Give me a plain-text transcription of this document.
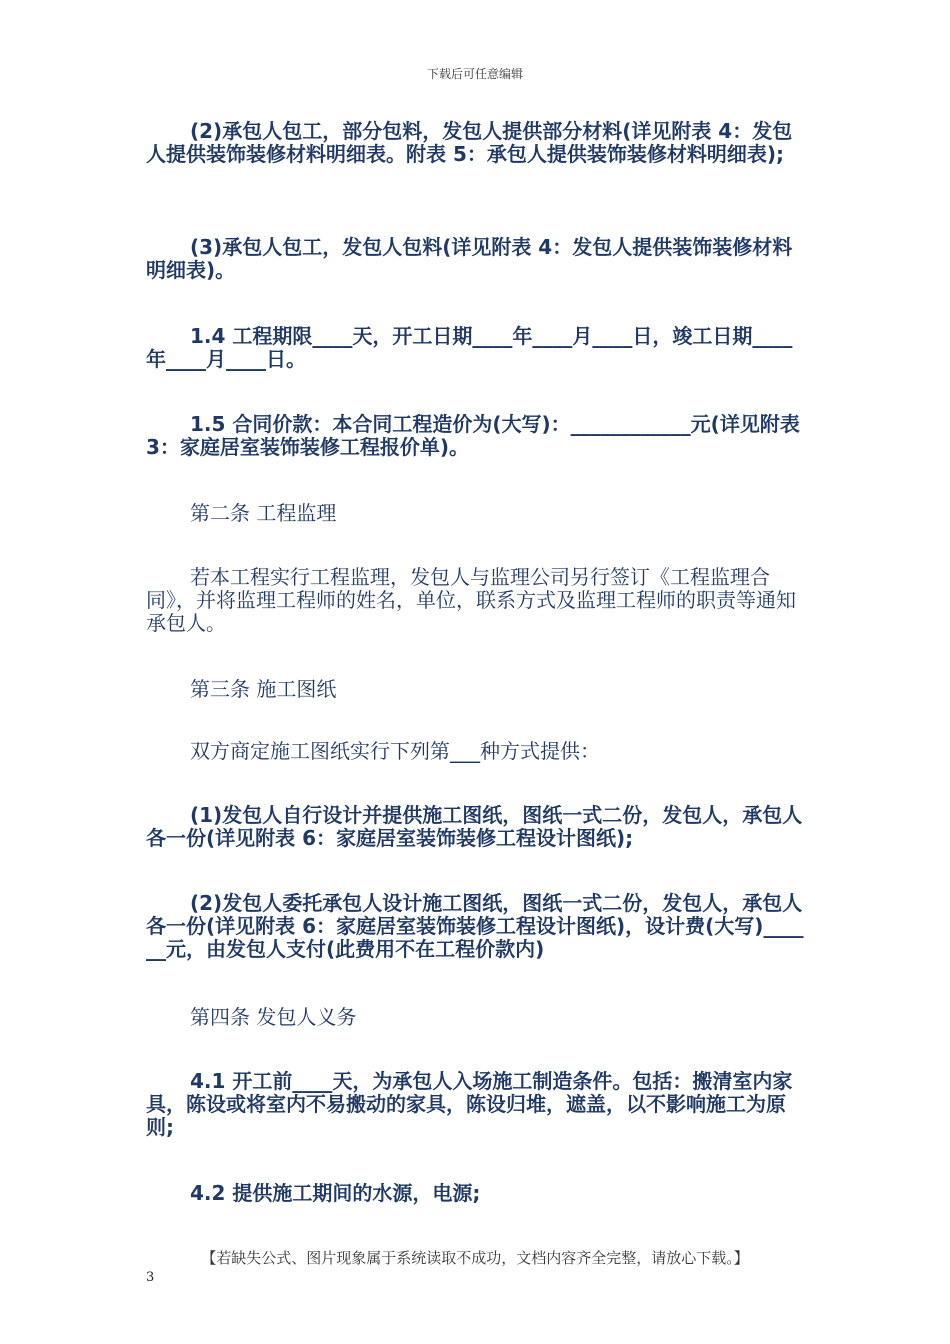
下载后可任意编辑

(2)承包人包工，部分包料，发包人提供部分材料(详见附表 4：发包人提供装饰装修材料明细表。附表 5：承包人提供装饰装修材料明细表);

(3)承包人包工，发包人包料(详见附表 4：发包人提供装饰装修材料明细表)。

1.4 工程期限____天，开工日期____年____月____日，竣工日期____年____月____日。

1.5 合同价款：本合同工程造价为(大写)：____________元(详见附表 3：家庭居室装饰装修工程报价单)。

第二条 工程监理

若本工程实行工程监理，发包人与监理公司另行签订《工程监理合同》，并将监理工程师的姓名，单位，联系方式及监理工程师的职责等通知承包人。

第三条 施工图纸

双方商定施工图纸实行下列第___种方式提供：

(1)发包人自行设计并提供施工图纸，图纸一式二份，发包人，承包人各一份(详见附表 6：家庭居室装饰装修工程设计图纸);

(2)发包人委托承包人设计施工图纸，图纸一式二份，发包人，承包人各一份(详见附表 6：家庭居室装饰装修工程设计图纸)，设计费(大写)______元，由发包人支付(此费用不在工程价款内)

第四条 发包人义务

4.1 开工前____天，为承包人入场施工制造条件。包括：搬清室内家具，陈设或将室内不易搬动的家具，陈设归堆，遮盖，以不影响施工为原则;

4.2 提供施工期间的水源，电源;

【若缺失公式、图片现象属于系统读取不成功，文档内容齐全完整，请放心下载。】
3
